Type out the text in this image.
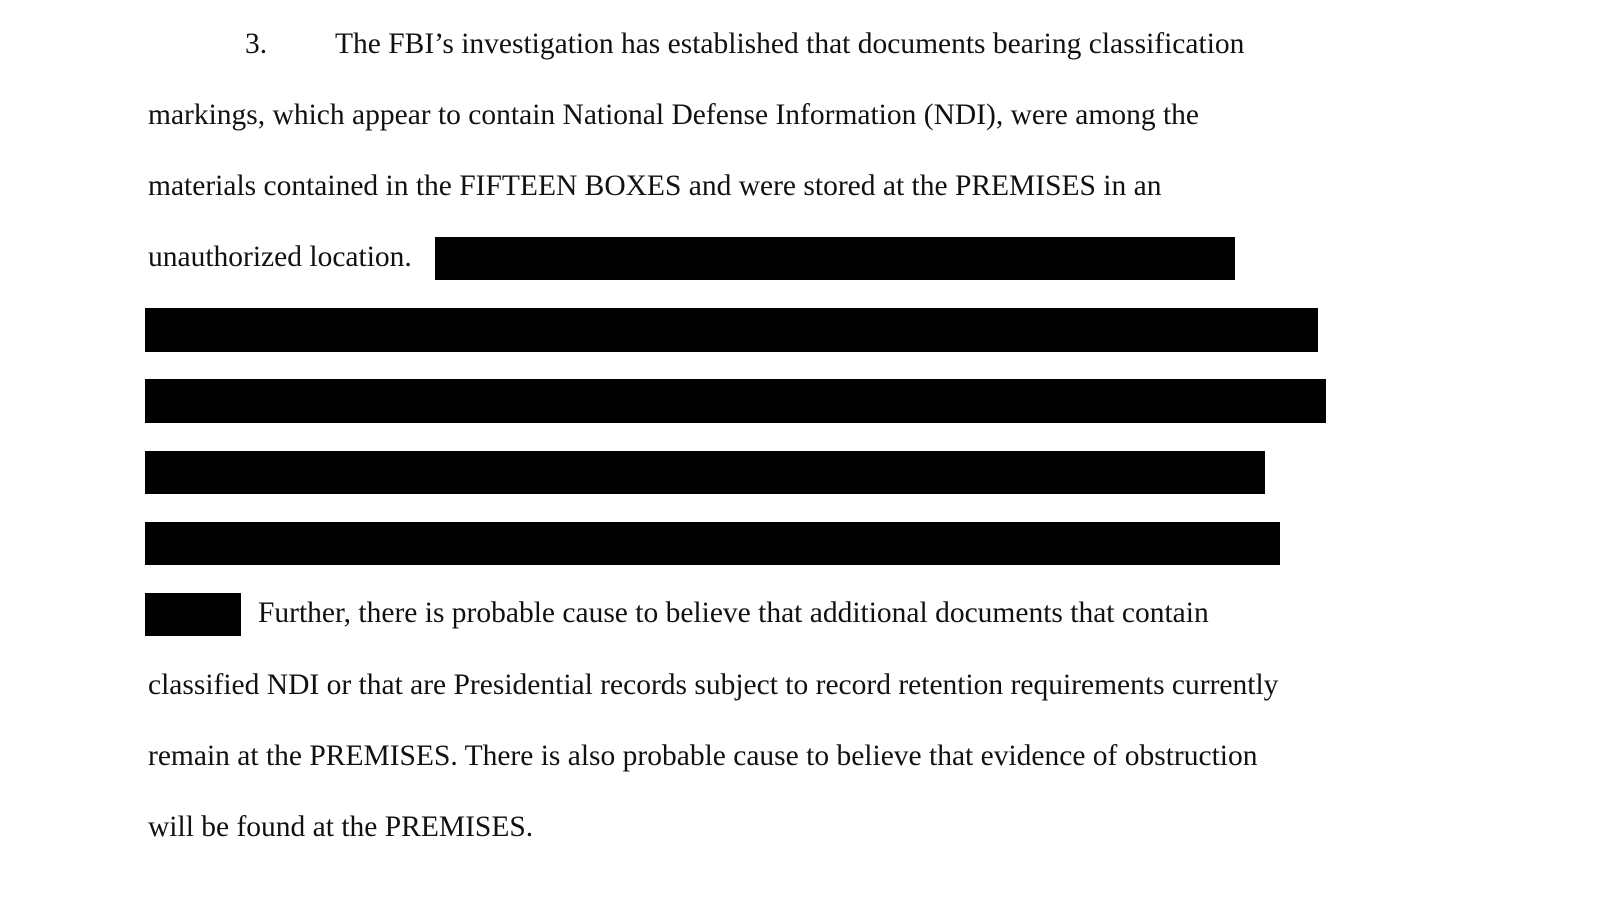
3. The FBI’s investigation has established that documents bearing classification
markings, which appear to contain National Defense Information (NDI), were among the
materials contained in the FIFTEEN BOXES and were stored at the PREMISES in an
unauthorized location.
Further, there is probable cause to believe that additional documents that contain
classified NDI or that are Presidential records subject to record retention requirements currently
remain at the PREMISES. There is also probable cause to believe that evidence of obstruction
will be found at the PREMISES.
